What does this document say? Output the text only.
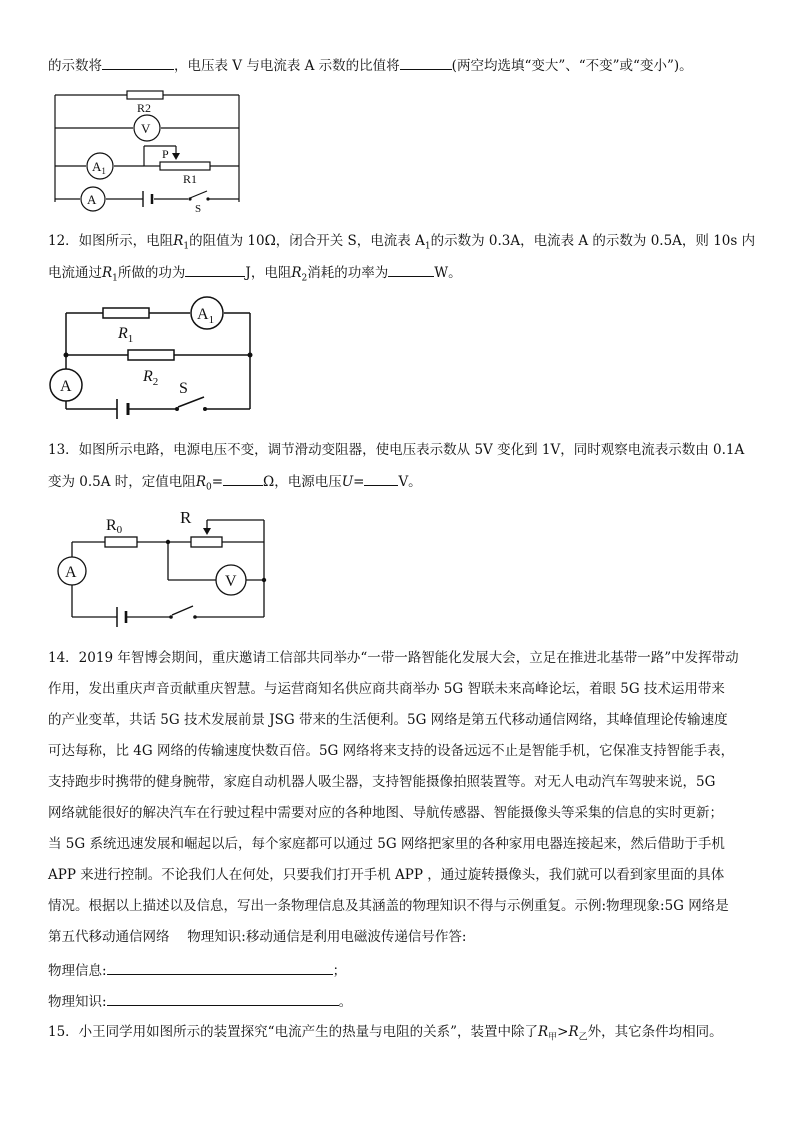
的示数将	，电压表 V 与电流表 A 示数的比值将	(两空均选填“变大”、“不变”或“变小”)。
R2
V
$A_1$
P
R1
A
S
12．如图所示，电阻$R_1$的阻值为 10Ω，闭合开关 S，电流表 $A_1$的示数为 0.3A，电流表 A 的示数为 0.5A，则 10s 内
电流通过$R_1$所做的功为	J，电阻$R_2$消耗的功率为	W。
$A_1$
$R_1$
$R_2$
A	S
13．如图所示电路，电源电压不变，调节滑动变阻器，使电压表示数从 5V 变化到 1V，同时观察电流表示数由 0.1A
变为 0.5A 时，定值电阻$R_0=$	Ω，电源电压U=	V。
R0
R
A
V
14．2019 年智博会期间，重庆邀请工信部共同举办“一带一路智能化发展大会，立足在推进北基带一路”中发挥带动
作用，发出重庆声音贡献重庆智慧。与运营商知名供应商共商举办 5G 智联未来高峰论坛，着眼 5G 技术运用带来
的产业变革，共话 5G 技术发展前景 JSG 带来的生活便利。5G 网络是第五代移动通信网络，其峰值理论传输速度
可达每称，比 4G 网络的传输速度快数百倍。5G 网络将来支持的设备远远不止是智能手机，它保准支持智能手表，
支持跑步时携带的健身腕带，家庭自动机器人吸尘器，支持智能摄像拍照装置等。对无人电动汽车驾驶来说，5G
网络就能很好的解决汽车在行驶过程中需要对应的各种地图、导航传感器、智能摄像头等采集的信息的实时更新；
当 5G 系统迅速发展和崛起以后，每个家庭都可以通过 5G 网络把家里的各种家用电器连接起来，然后借助于手机
APP 来进行控制。不论我们人在何处，只要我们打开手机 APP ，通过旋转摄像头，我们就可以看到家里面的具体
情况。根据以上描述以及信息，写出一条物理信息及其涵盖的物理知识不得与示例重复。示例:物理现象:5G 网络是
第五代移动通信网络　 物理知识:移动通信是利用电磁波传递信号作答:
物理信息:	；
物理知识:	。
15．小王同学用如图所示的装置探究“电流产生的热量与电阻的关系”，装置中除了$R_甲>R_乙$外，其它条件均相同。
